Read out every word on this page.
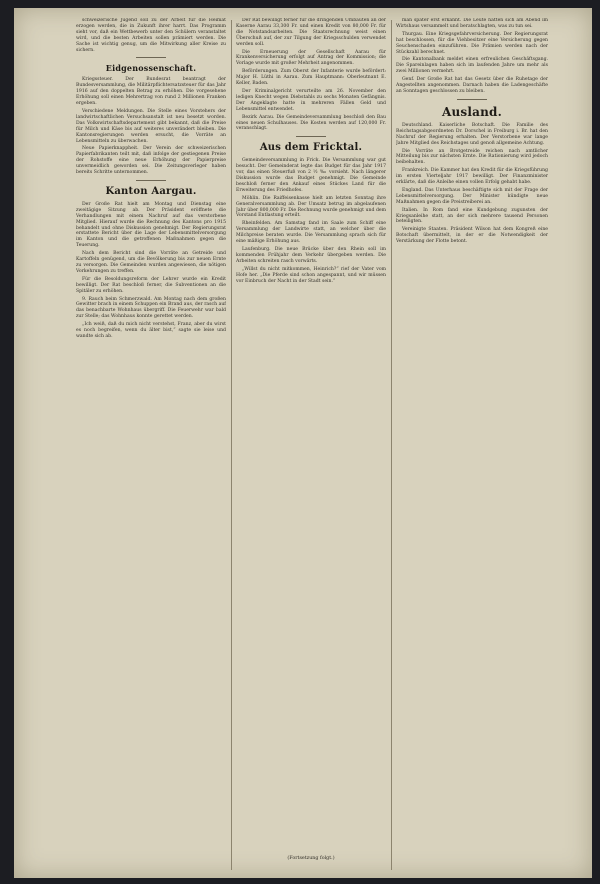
schweizerische Jugend soll zu der Arbeit für die Heimat erzogen werden, die in Zukunft ihrer harrt. Das Programm sieht vor, daß ein Wettbewerb unter den Schülern veranstaltet wird, und die besten Arbeiten sollen prämiert werden. Die Sache ist wichtig genug, um die Mitwirkung aller Kreise zu sichern.

Eidgenossenschaft.

Kriegssteuer. Der Bundesrat beantragt der Bundesversammlung, die Militärpflichtersatzsteuer für das Jahr 1916 auf den doppelten Betrag zu erhöhen. Die vorgesehene Erhöhung soll einen Mehrertrag von rund 2 Millionen Franken ergeben.

Verschiedene Meldungen. Die Stelle eines Vorstehers der landwirtschaftlichen Versuchsanstalt ist neu besetzt worden. Das Volkswirtschaftsdepartement gibt bekannt, daß die Preise für Milch und Käse bis auf weiteres unverändert bleiben. Die Kantonsregierungen werden ersucht, die Vorräte an Lebensmitteln zu überwachen.

Neue Papierknappheit. Der Verein der schweizerischen Papierfabrikanten teilt mit, daß infolge der gestiegenen Preise der Rohstoffe eine neue Erhöhung der Papierpreise unvermeidlich geworden sei. Die Zeitungsverleger haben bereits Schritte unternommen.

Kanton Aargau.

Der Große Rat hielt am Montag und Dienstag eine zweitägige Sitzung ab. Der Präsident eröffnete die Verhandlungen mit einem Nachruf auf das verstorbene Mitglied. Hierauf wurde die Rechnung des Kantons pro 1915 behandelt und ohne Diskussion genehmigt. Der Regierungsrat erstattete Bericht über die Lage der Lebensmittelversorgung im Kanton und die getroffenen Maßnahmen gegen die Teuerung.

Nach dem Bericht sind die Vorräte an Getreide und Kartoffeln genügend, um die Bevölkerung bis zur neuen Ernte zu versorgen. Die Gemeinden wurden angewiesen, die nötigen Vorkehrungen zu treffen.

Für die Besoldungsreform der Lehrer wurde ein Kredit bewilligt. Der Rat beschloß ferner, die Subventionen an die Spitäler zu erhöhen.

9. Rauch beim Schmerzwald. Am Montag nach dem großen Gewitter brach in einem Schuppen ein Brand aus, der rasch auf das benachbarte Wohnhaus übergriff. Die Feuerwehr war bald zur Stelle; das Wohnhaus konnte gerettet werden.

„Ich weiß, daß du mich nicht verstehst, Franz, aber du wirst es noch begreifen, wenn du älter bist,“ sagte sie leise und wandte sich ab.

Der Rat bewilligt ferner für die dringenden Umbauten an der Kaserne Aarau 33,300 Fr. und einen Kredit von 80,000 Fr. für die Notstandsarbeiten. Die Staatsrechnung weist einen Überschuß auf, der zur Tilgung der Kriegsschulden verwendet werden soll.

Die Erneuerung der Gesellschaft Aarau für Krankenversicherung erfolgt auf Antrag der Kommission; die Vorlage wurde mit großer Mehrheit angenommen.

Beförderungen. Zum Oberst der Infanterie wurde befördert: Major H. Lüthi in Aarau. Zum Hauptmann: Oberleutnant E. Keller, Baden.

Der Kriminalgericht verurteilte am 26. November den ledigen Knecht wegen Diebstahls zu sechs Monaten Gefängnis. Der Angeklagte hatte in mehreren Fällen Geld und Lebensmittel entwendet.

Bezirk Aarau. Die Gemeindeversammlung beschloß den Bau eines neuen Schulhauses. Die Kosten werden auf 120,000 Fr. veranschlagt.

Aus dem Fricktal.

Gemeindeversammlung in Frick. Die Versammlung war gut besucht. Der Gemeinderat legte das Budget für das Jahr 1917 vor, das einen Steuerfuß von 2 ½ ‰ vorsieht. Nach längerer Diskussion wurde das Budget genehmigt. Die Gemeinde beschloß ferner den Ankauf eines Stückes Land für die Erweiterung des Friedhofes.

Möhlin. Die Raiffeisenkasse hielt am letzten Sonntag ihre Generalversammlung ab. Der Umsatz betrug im abgelaufenen Jahr über 800,000 Fr. Die Rechnung wurde genehmigt und dem Vorstand Entlastung erteilt.

Rheinfelden. Am Samstag fand im Saale zum Schiff eine Versammlung der Landwirte statt, an welcher über die Milchpreise beraten wurde. Die Versammlung sprach sich für eine mäßige Erhöhung aus.

Laufenburg. Die neue Brücke über den Rhein soll im kommenden Frühjahr dem Verkehr übergeben werden. Die Arbeiten schreiten rasch vorwärts.

„Willst du nicht mitkommen, Heinrich?“ rief der Vater vom Hofe her. „Die Pferde sind schon angespannt, und wir müssen vor Einbruch der Nacht in der Stadt sein.“

man später erst erkannt. Die Leute hatten sich am Abend im Wirtshaus versammelt und beratschlagten, was zu tun sei.

Thurgau. Eine Kriegsgefahrversicherung. Der Regierungsrat hat beschlossen, für die Viehbesitzer eine Versicherung gegen Seuchenschaden einzuführen. Die Prämien werden nach der Stückzahl berechnet.

Die Kantonalbank meldet einen erfreulichen Geschäftsgang. Die Spareinlagen haben sich im laufenden Jahre um mehr als zwei Millionen vermehrt.

Genf. Der Große Rat hat das Gesetz über die Ruhetage der Angestellten angenommen. Darnach haben die Ladengeschäfte an Sonntagen geschlossen zu bleiben.

Ausland.

Deutschland. Kaiserliche Botschaft. Die Familie des Reichstagsabgeordneten Dr. Dorschel in Freiburg i. Br. hat den Nachruf der Regierung erhalten. Der Verstorbene war lange Jahre Mitglied des Reichstages und genoß allgemeine Achtung.

Die Vorräte an Brotgetreide reichen nach amtlicher Mitteilung bis zur nächsten Ernte. Die Rationierung wird jedoch beibehalten.

Frankreich. Die Kammer hat den Kredit für die Kriegsführung im ersten Vierteljahr 1917 bewilligt. Der Finanzminister erklärte, daß die Anleihe einen vollen Erfolg gehabt habe.

England. Das Unterhaus beschäftigte sich mit der Frage der Lebensmittelversorgung. Der Minister kündigte neue Maßnahmen gegen die Preistreiberei an.

Italien. In Rom fand eine Kundgebung zugunsten der Kriegsanleihe statt, an der sich mehrere tausend Personen beteiligten.

Vereinigte Staaten. Präsident Wilson hat dem Kongreß eine Botschaft übermittelt, in der er die Notwendigkeit der Verstärkung der Flotte betont.

(Fortsetzung folgt.)
